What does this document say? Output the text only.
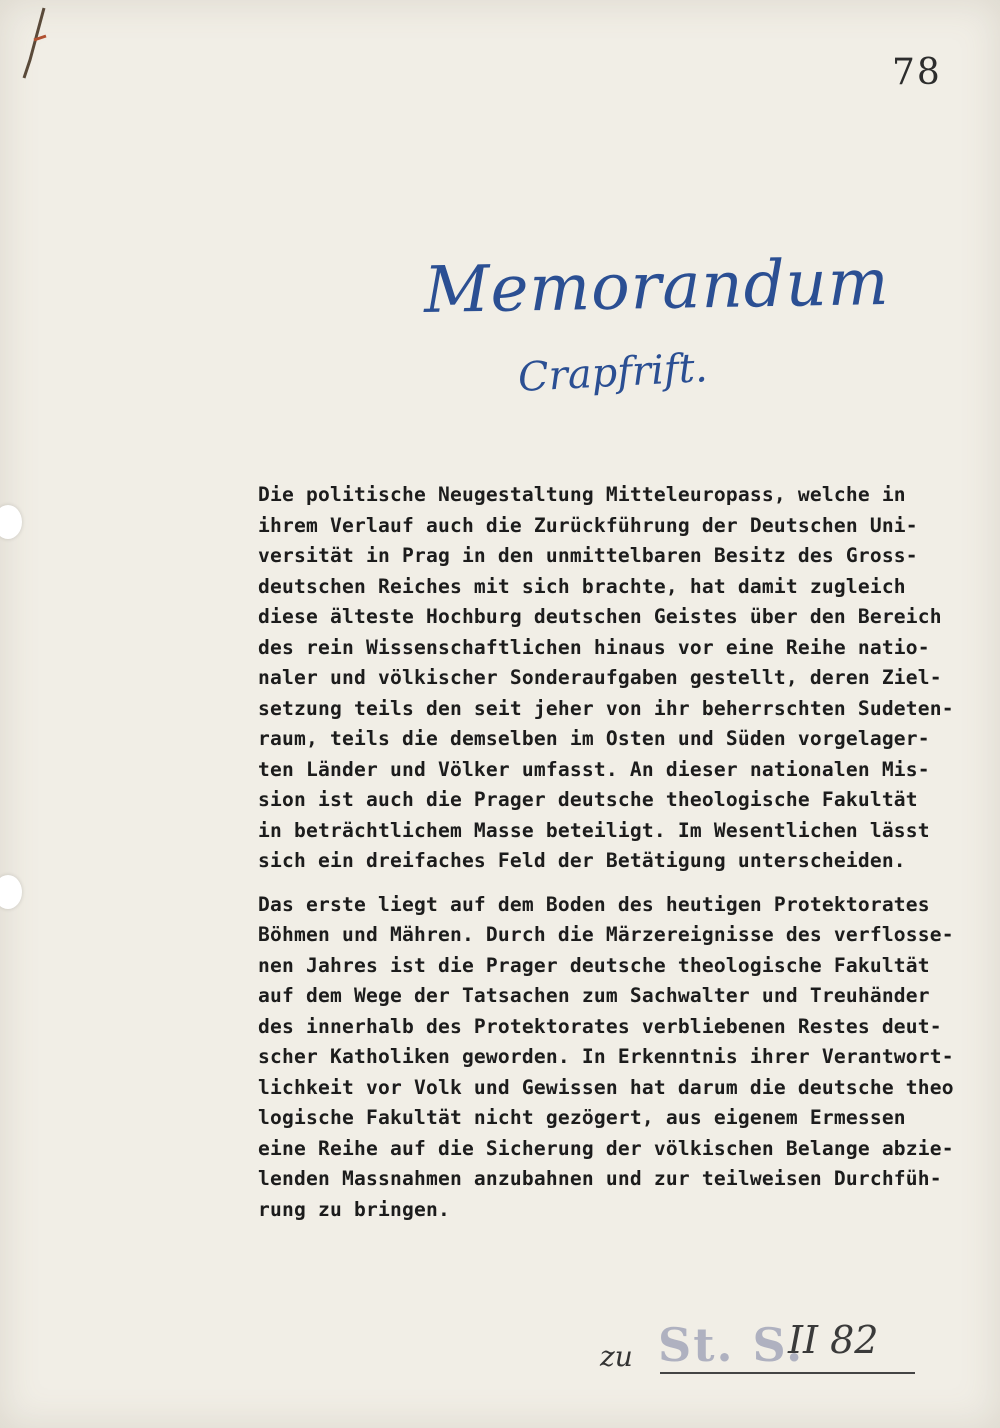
78
Memorandum
Crapfrift.

Die politische Neugestaltung Mitteleuropass, welche in
ihrem Verlauf auch die Zurückführung der Deutschen Uni-
versität in Prag in den unmittelbaren Besitz des Gross-
deutschen Reiches mit sich brachte, hat damit zugleich
diese älteste Hochburg deutschen Geistes über den Bereich
des rein Wissenschaftlichen hinaus vor eine Reihe natio-
naler und völkischer Sonderaufgaben gestellt, deren Ziel-
setzung teils den seit jeher von ihr beherrschten Sudeten-
raum, teils die demselben im Osten und Süden vorgelager-
ten Länder und Völker umfasst. An dieser nationalen Mis-
sion ist auch die Prager deutsche theologische Fakultät
in beträchtlichem Masse beteiligt. Im Wesentlichen lässt
sich ein dreifaches Feld der Betätigung unterscheiden.

Das erste liegt auf dem Boden des heutigen Protektorates
Böhmen und Mähren. Durch die Märzereignisse des verflosse-
nen Jahres ist die Prager deutsche theologische Fakultät
auf dem Wege der Tatsachen zum Sachwalter und Treuhänder
des innerhalb des Protektorates verbliebenen Restes deut-
scher Katholiken geworden. In Erkenntnis ihrer Verantwort-
lichkeit vor Volk und Gewissen hat darum die deutsche theo
logische Fakultät nicht gezögert, aus eigenem Ermessen
eine Reihe auf die Sicherung der völkischen Belange abzie-
lenden Massnahmen anzubahnen und zur teilweisen Durchfüh-
rung zu bringen.

zu St. S.
II 82
